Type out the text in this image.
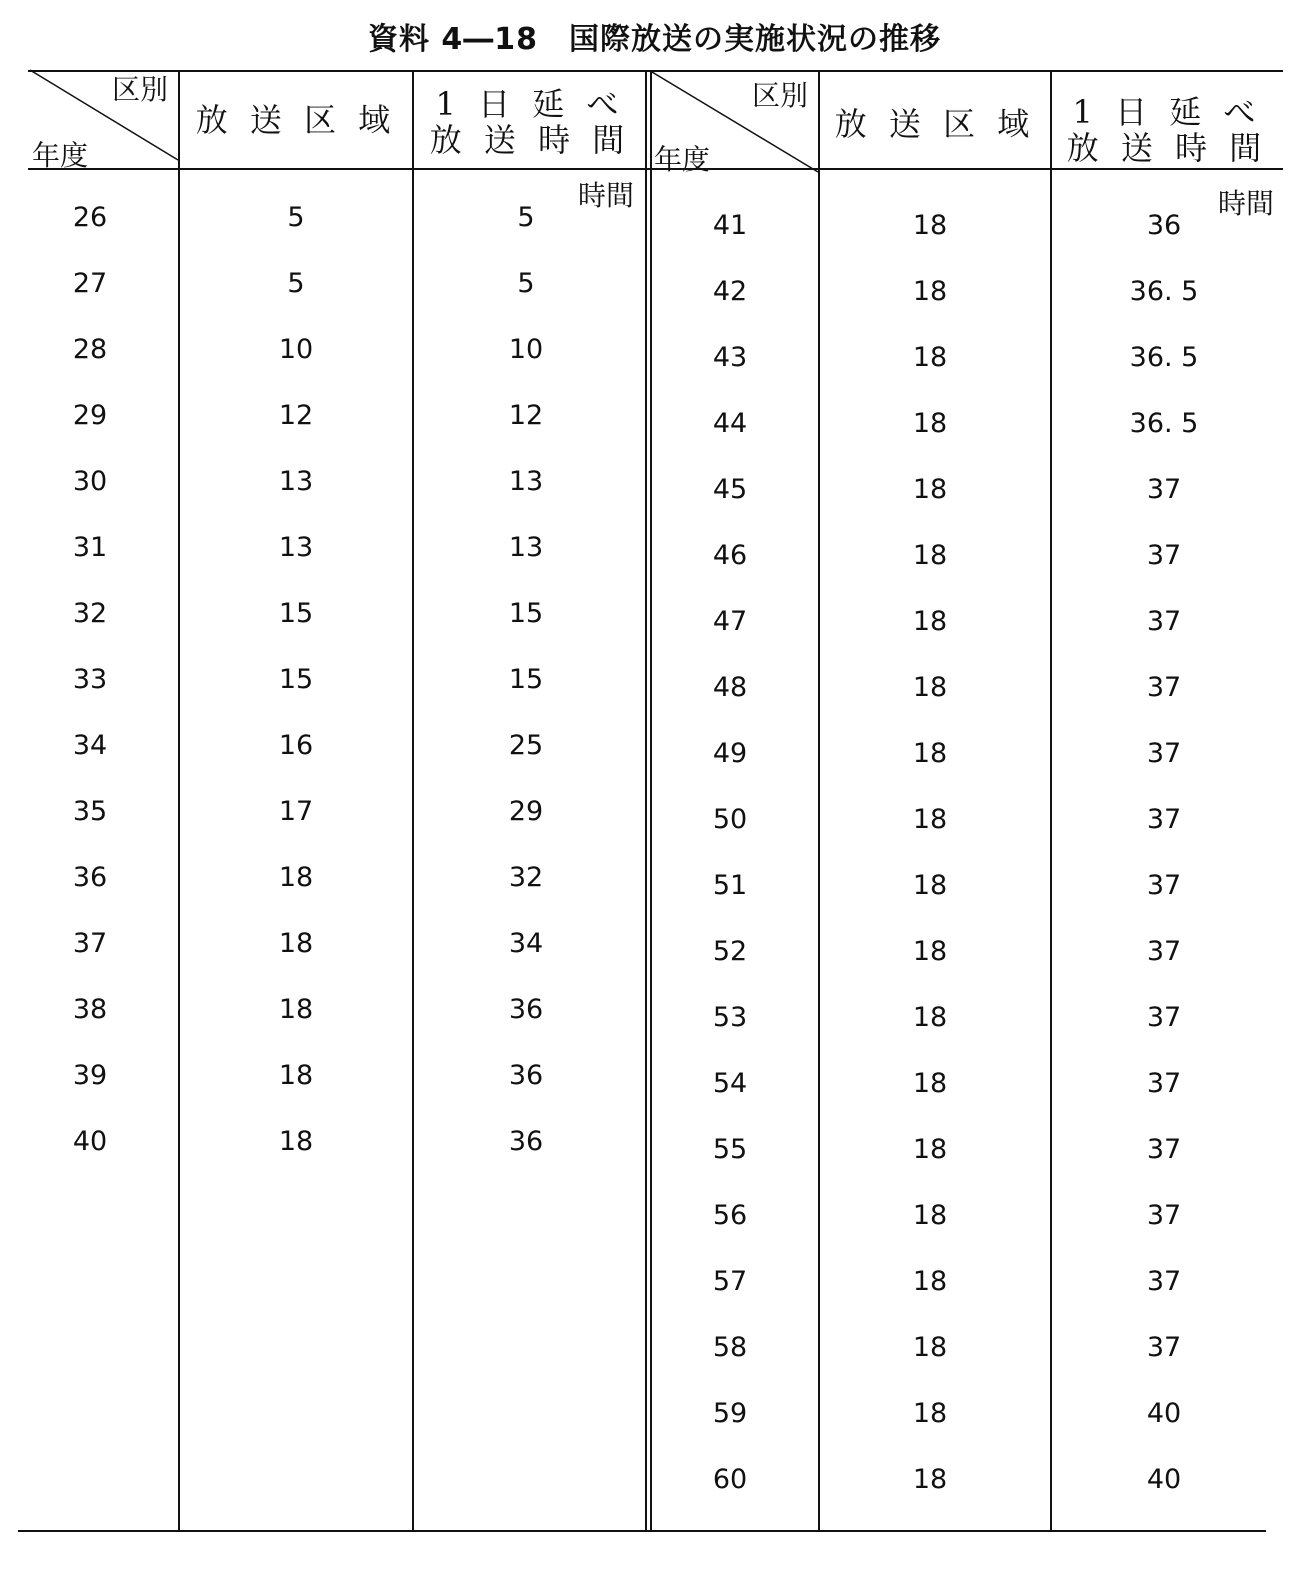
資料 4―18　国際放送の実施状況の推移
区別
年度
放 送 区 域	1 日 延 べ
放 送 時 間
時間
区別
年度
放 送 区 域	1 日 延 べ
放 送 時 間
時間
26	5	5
27	5	5
28	10	10
29	12	12
30	13	13
31	13	13
32	15	15
33	15	15
34	16	25
35	17	29
36	18	32
37	18	34
38	18	36
39	18	36
40	18	36
41	18	36
42	18	36. 5
43	18	36. 5
44	18	36. 5
45	18	37
46	18	37
47	18	37
48	18	37
49	18	37
50	18	37
51	18	37
52	18	37
53	18	37
54	18	37
55	18	37
56	18	37
57	18	37
58	18	37
59	18	40
60	18	40
